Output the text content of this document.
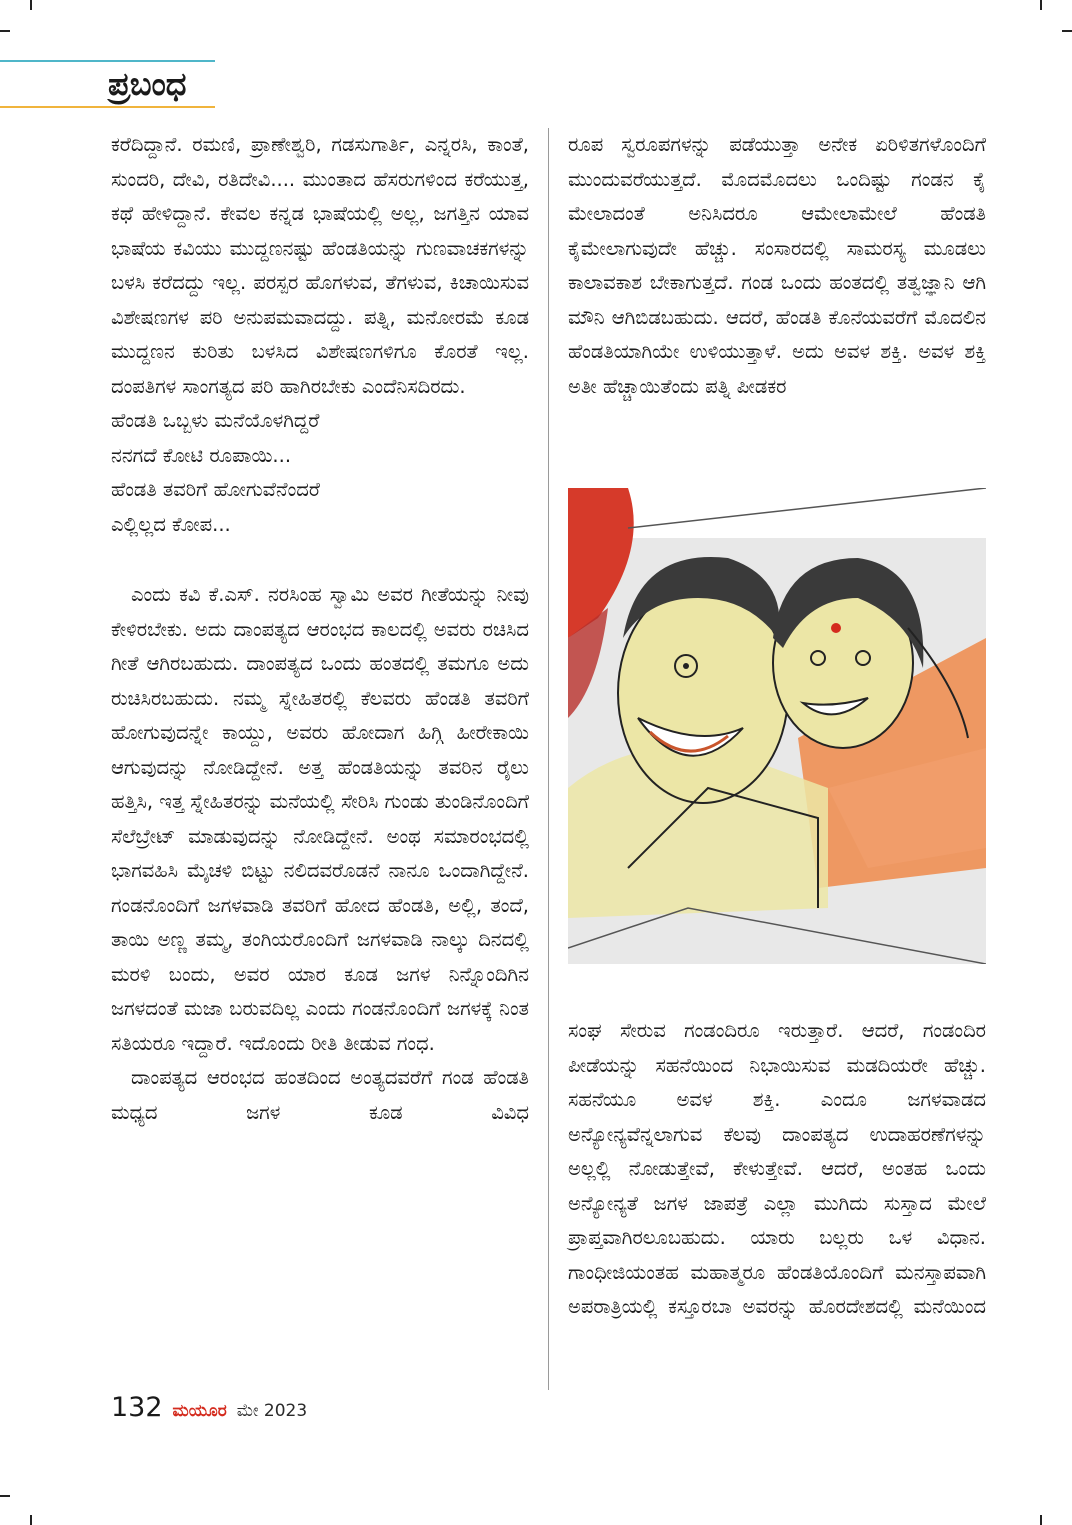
ಪ್ರಬಂಧ

ಕರೆದಿದ್ದಾನೆ. ರಮಣಿ, ಪ್ರಾಣೇಶ್ವರಿ, ಗಡಸುಗಾರ್ತಿ, ಎನ್ನರಸಿ, ಕಾಂತೆ, ಸುಂದರಿ, ದೇವಿ, ರತಿದೇವಿ.... ಮುಂತಾದ ಹೆಸರುಗಳಿಂದ ಕರೆಯುತ್ತ, ಕಥೆ ಹೇಳಿದ್ದಾನೆ. ಕೇವಲ ಕನ್ನಡ ಭಾಷೆಯಲ್ಲಿ ಅಲ್ಲ, ಜಗತ್ತಿನ ಯಾವ ಭಾಷೆಯ ಕವಿಯು ಮುದ್ದಣನಷ್ಟು ಹೆಂಡತಿಯನ್ನು ಗುಣವಾಚಕಗಳನ್ನು ಬಳಸಿ ಕರೆದದ್ದು ಇಲ್ಲ. ಪರಸ್ಪರ ಹೊಗಳುವ, ತೆಗಳುವ, ಕಿಚಾಯಿಸುವ ವಿಶೇಷಣಗಳ ಪರಿ ಅನುಪಮವಾದದ್ದು. ಪತ್ನಿ, ಮನೋರಮೆ ಕೂಡ ಮುದ್ದಣನ ಕುರಿತು ಬಳಸಿದ ವಿಶೇಷಣಗಳಿಗೂ ಕೊರತೆ ಇಲ್ಲ. ದಂಪತಿಗಳ ಸಾಂಗತ್ಯದ ಪರಿ ಹಾಗಿರಬೇಕು ಎಂದೆನಿಸದಿರದು.

ಹೆಂಡತಿ ಒಬ್ಬಳು ಮನೆಯೊಳಗಿದ್ದರೆ
ನನಗದೆ ಕೋಟಿ ರೂಪಾಯಿ...
ಹೆಂಡತಿ ತವರಿಗೆ ಹೋಗುವೆನೆಂದರೆ
ಎಲ್ಲಿಲ್ಲದ ಕೋಪ...

ಎಂದು ಕವಿ ಕೆ.ಎಸ್. ನರಸಿಂಹ ಸ್ವಾಮಿ ಅವರ ಗೀತೆಯನ್ನು ನೀವು ಕೇಳಿರಬೇಕು. ಅದು ದಾಂಪತ್ಯದ ಆರಂಭದ ಕಾಲದಲ್ಲಿ ಅವರು ರಚಿಸಿದ ಗೀತೆ ಆಗಿರಬಹುದು. ದಾಂಪತ್ಯದ ಒಂದು ಹಂತದಲ್ಲಿ ತಮಗೂ ಅದು ರುಚಿಸಿರಬಹುದು. ನಮ್ಮ ಸ್ನೇಹಿತರಲ್ಲಿ ಕೆಲವರು ಹೆಂಡತಿ ತವರಿಗೆ ಹೋಗುವುದನ್ನೇ ಕಾಯ್ದು, ಅವರು ಹೋದಾಗ ಹಿಗ್ಗಿ ಹೀರೇಕಾಯಿ ಆಗುವುದನ್ನು ನೋಡಿದ್ದೇನೆ. ಅತ್ತ ಹೆಂಡತಿಯನ್ನು ತವರಿನ ರೈಲು ಹತ್ತಿಸಿ, ಇತ್ತ ಸ್ನೇಹಿತರನ್ನು ಮನೆಯಲ್ಲಿ ಸೇರಿಸಿ ಗುಂಡು ತುಂಡಿನೊಂದಿಗೆ ಸೆಲೆಬ್ರೇಟ್ ಮಾಡುವುದನ್ನು ನೋಡಿದ್ದೇನೆ. ಅಂಥ ಸಮಾರಂಭದಲ್ಲಿ ಭಾಗವಹಿಸಿ ಮೈಚಳಿ ಬಿಟ್ಟು ನಲಿದವರೊಡನೆ ನಾನೂ ಒಂದಾಗಿದ್ದೇನೆ. ಗಂಡನೊಂದಿಗೆ ಜಗಳವಾಡಿ ತವರಿಗೆ ಹೋದ ಹೆಂಡತಿ, ಅಲ್ಲಿ, ತಂದೆ, ತಾಯಿ ಅಣ್ಣ ತಮ್ಮ, ತಂಗಿಯರೊಂದಿಗೆ ಜಗಳವಾಡಿ ನಾಲ್ಕು ದಿನದಲ್ಲಿ ಮರಳಿ ಬಂದು, ಅವರ ಯಾರ ಕೂಡ ಜಗಳ ನಿನ್ನೊಂದಿಗಿನ ಜಗಳದಂತೆ ಮಜಾ ಬರುವದಿಲ್ಲ ಎಂದು ಗಂಡನೊಂದಿಗೆ ಜಗಳಕ್ಕೆ ನಿಂತ ಸತಿಯರೂ ಇದ್ದಾರೆ. ಇದೊಂದು ರೀತಿ ತೀಡುವ ಗಂಧ.

ದಾಂಪತ್ಯದ ಆರಂಭದ ಹಂತದಿಂದ ಅಂತ್ಯದವರೆಗೆ ಗಂಡ ಹೆಂಡತಿ ಮಧ್ಯದ ಜಗಳ ಕೂಡ ವಿವಿಧ

ರೂಪ ಸ್ವರೂಪಗಳನ್ನು ಪಡೆಯುತ್ತಾ ಅನೇಕ ಏರಿಳಿತಗಳೊಂದಿಗೆ ಮುಂದುವರೆಯುತ್ತದೆ. ಮೊದಮೊದಲು ಒಂದಿಷ್ಟು ಗಂಡನ ಕೈ ಮೇಲಾದಂತೆ ಅನಿಸಿದರೂ ಆಮೇಲಾಮೇಲೆ ಹೆಂಡತಿ ಕೈಮೇಲಾಗುವುದೇ ಹೆಚ್ಚು. ಸಂಸಾರದಲ್ಲಿ ಸಾಮರಸ್ಯ ಮೂಡಲು ಕಾಲಾವಕಾಶ ಬೇಕಾಗುತ್ತದೆ. ಗಂಡ ಒಂದು ಹಂತದಲ್ಲಿ ತತ್ವಜ್ಞಾನಿ ಆಗಿ ಮೌನಿ ಆಗಿಬಿಡಬಹುದು. ಆದರೆ, ಹೆಂಡತಿ ಕೊನೆಯವರೆಗೆ ಮೊದಲಿನ ಹೆಂಡತಿಯಾಗಿಯೇ ಉಳಿಯುತ್ತಾಳೆ. ಅದು ಅವಳ ಶಕ್ತಿ. ಅವಳ ಶಕ್ತಿ ಅತೀ ಹೆಚ್ಚಾಯಿತೆಂದು ಪತ್ನಿ ಪೀಡಕರ

ಸಂಘ ಸೇರುವ ಗಂಡಂದಿರೂ ಇರುತ್ತಾರೆ. ಆದರೆ, ಗಂಡಂದಿರ ಪೀಡೆಯನ್ನು ಸಹನೆಯಿಂದ ನಿಭಾಯಿಸುವ ಮಡದಿಯರೇ ಹೆಚ್ಚು. ಸಹನೆಯೂ ಅವಳ ಶಕ್ತಿ. ಎಂದೂ ಜಗಳವಾಡದ ಅನ್ಯೋನ್ಯವೆನ್ನಲಾಗುವ ಕೆಲವು ದಾಂಪತ್ಯದ ಉದಾಹರಣೆಗಳನ್ನು ಅಲ್ಲಲ್ಲಿ ನೋಡುತ್ತೇವೆ, ಕೇಳುತ್ತೇವೆ. ಆದರೆ, ಅಂತಹ ಒಂದು ಅನ್ಯೋನ್ಯತೆ ಜಗಳ ಜಾಪತ್ರೆ ಎಲ್ಲಾ ಮುಗಿದು ಸುಸ್ತಾದ ಮೇಲೆ ಪ್ರಾಪ್ತವಾಗಿರಲೂಬಹುದು. ಯಾರು ಬಲ್ಲರು ಒಳ ವಿಧಾನ. ಗಾಂಧೀಜಿಯಂತಹ ಮಹಾತ್ಮರೂ ಹೆಂಡತಿಯೊಂದಿಗೆ ಮನಸ್ತಾಪವಾಗಿ ಅಪರಾತ್ರಿಯಲ್ಲಿ ಕಸ್ತೂರಬಾ ಅವರನ್ನು ಹೊರದೇಶದಲ್ಲಿ ಮನೆಯಿಂದ

132 ಮಯೂರ ಮೇ 2023
